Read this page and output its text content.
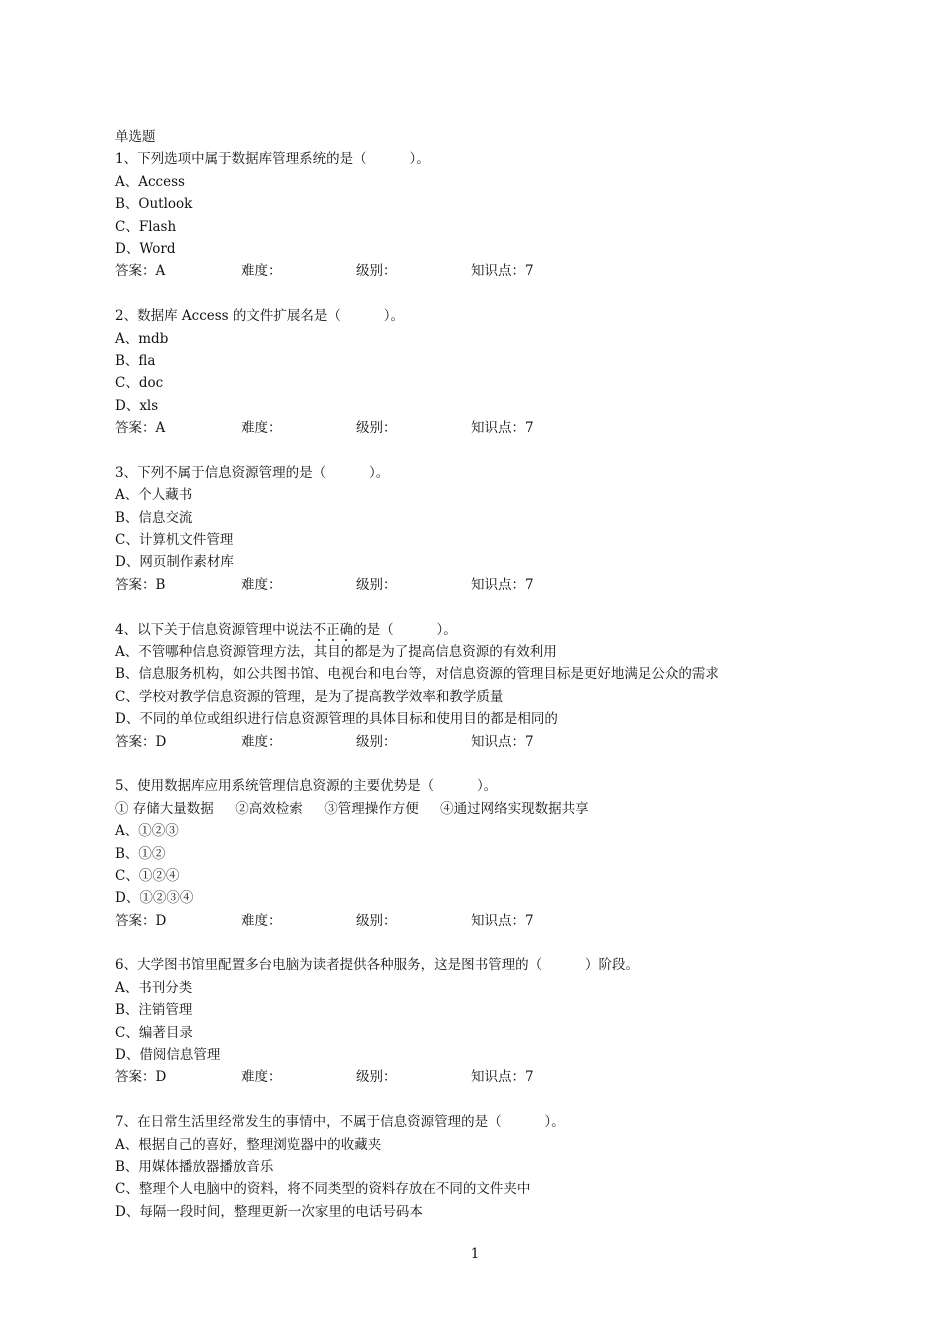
单选题
1、下列选项中属于数据库管理系统的是（          ）。
A、Access
B、Outlook
C、Flash
D、Word
答案：A	难度：	级别：	知识点：7
2、数据库 Access 的文件扩展名是（          ）。
A、mdb
B、fla
C、doc
D、xls
答案：A	难度：	级别：	知识点：7
3、下列不属于信息资源管理的是（          ）。
A、个人藏书
B、信息交流
C、计算机文件管理
D、网页制作素材库
答案：B	难度：	级别：	知识点：7
4、以下关于信息资源管理中说法不正确的是（          ）。
A、不管哪种信息资源管理方法，其目的都是为了提高信息资源的有效利用
B、信息服务机构，如公共图书馆、电视台和电台等，对信息资源的管理目标是更好地满足公众的需求
C、学校对教学信息资源的管理，是为了提高教学效率和教学质量
D、不同的单位或组织进行信息资源管理的具体目标和使用目的都是相同的
答案：D	难度：	级别：	知识点：7
5、使用数据库应用系统管理信息资源的主要优势是（          ）。
① 存储大量数据     ②高效检索     ③管理操作方便     ④通过网络实现数据共享
A、①②③
B、①②
C、①②④
D、①②③④
答案：D	难度：	级别：	知识点：7
6、大学图书馆里配置多台电脑为读者提供各种服务，这是图书管理的（          ）阶段。
A、书刊分类
B、注销管理
C、编著目录
D、借阅信息管理
答案：D	难度：	级别：	知识点：7
7、在日常生活里经常发生的事情中，不属于信息资源管理的是（          ）。
A、根据自己的喜好，整理浏览器中的收藏夹
B、用媒体播放器播放音乐
C、整理个人电脑中的资料，将不同类型的资料存放在不同的文件夹中
D、每隔一段时间，整理更新一次家里的电话号码本
1
